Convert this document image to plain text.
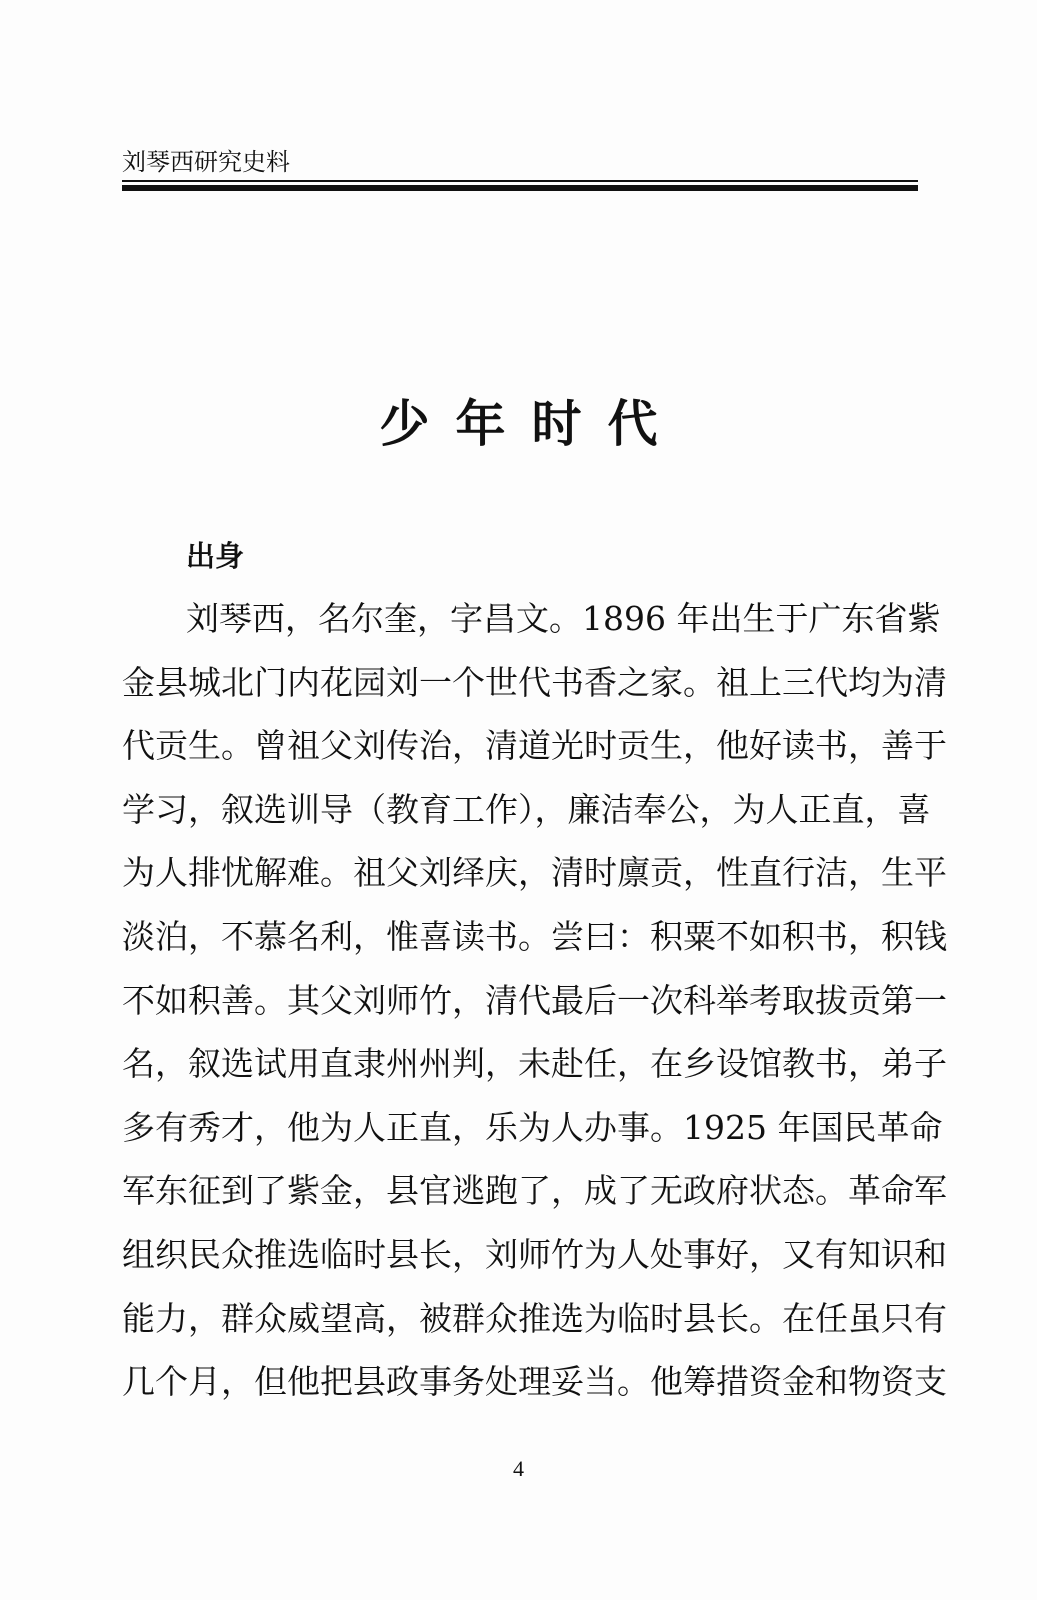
刘琴西研究史料
少年时代
出身
刘琴西，名尔奎，字昌文。1896 年出生于广东省紫
金县城北门内花园刘一个世代书香之家。祖上三代均为清
代贡生。曾祖父刘传治，清道光时贡生，他好读书，善于
学习，叙选训导（教育工作），廉洁奉公，为人正直，喜
为人排忧解难。祖父刘绎庆，清时廪贡，性直行洁，生平
淡泊，不慕名利，惟喜读书。尝曰：积粟不如积书，积钱
不如积善。其父刘师竹，清代最后一次科举考取拔贡第一
名，叙选试用直隶州州判，未赴任，在乡设馆教书，弟子
多有秀才，他为人正直，乐为人办事。1925 年国民革命
军东征到了紫金，县官逃跑了，成了无政府状态。革命军
组织民众推选临时县长，刘师竹为人处事好，又有知识和
能力，群众威望高，被群众推选为临时县长。在任虽只有
几个月，但他把县政事务处理妥当。他筹措资金和物资支
4
